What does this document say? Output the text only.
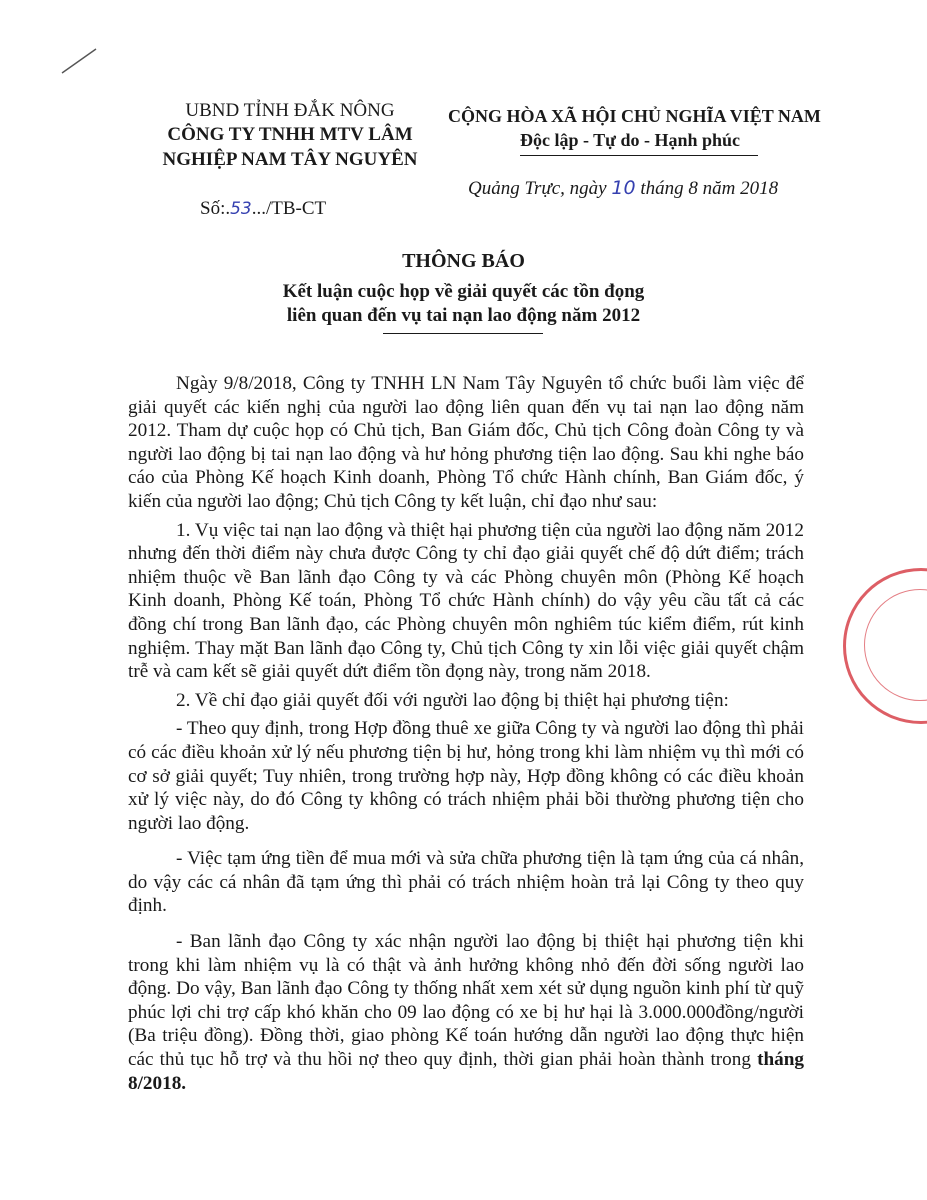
UBND TỈNH ĐẮK NÔNG
CÔNG TY TNHH MTV LÂM
NGHIỆP NAM TÂY NGUYÊN
Số:.53.../TB-CT
CỘNG HÒA XÃ HỘI CHỦ NGHĨA VIỆT NAM
Độc lập - Tự do - Hạnh phúc
Quảng Trực, ngày 10 tháng 8 năm 2018
THÔNG BÁO
Kết luận cuộc họp về giải quyết các tồn đọng
liên quan đến vụ tai nạn lao động năm 2012

Ngày 9/8/2018, Công ty TNHH LN Nam Tây Nguyên tổ chức buổi làm việc để giải quyết các kiến nghị của người lao động liên quan đến vụ tai nạn lao động năm 2012. Tham dự cuộc họp có Chủ tịch, Ban Giám đốc, Chủ tịch Công đoàn Công ty và người lao động bị tai nạn lao động và hư hỏng phương tiện lao động. Sau khi nghe báo cáo của Phòng Kế hoạch Kinh doanh, Phòng Tổ chức Hành chính, Ban Giám đốc, ý kiến của người lao động; Chủ tịch Công ty kết luận, chỉ đạo như sau:

1. Vụ việc tai nạn lao động và thiệt hại phương tiện của người lao động năm 2012 nhưng đến thời điểm này chưa được Công ty chỉ đạo giải quyết chế độ dứt điểm; trách nhiệm thuộc về Ban lãnh đạo Công ty và các Phòng chuyên môn (Phòng Kế hoạch Kinh doanh, Phòng Kế toán, Phòng Tổ chức Hành chính) do vậy yêu cầu tất cả các đồng chí trong Ban lãnh đạo, các Phòng chuyên môn nghiêm túc kiểm điểm, rút kinh nghiệm. Thay mặt Ban lãnh đạo Công ty, Chủ tịch Công ty xin lỗi việc giải quyết chậm trễ và cam kết sẽ giải quyết dứt điểm tồn đọng này, trong năm 2018.

2. Về chỉ đạo giải quyết đối với người lao động bị thiệt hại phương tiện:

- Theo quy định, trong Hợp đồng thuê xe giữa Công ty và người lao động thì phải có các điều khoản xử lý nếu phương tiện bị hư, hỏng trong khi làm nhiệm vụ thì mới có cơ sở giải quyết; Tuy nhiên, trong trường hợp này, Hợp đồng không có các điều khoản xử lý việc này, do đó Công ty không có trách nhiệm phải bồi thường phương tiện cho người lao động.

- Việc tạm ứng tiền để mua mới và sửa chữa phương tiện là tạm ứng của cá nhân, do vậy các cá nhân đã tạm ứng thì phải có trách nhiệm hoàn trả lại Công ty theo quy định.

- Ban lãnh đạo Công ty xác nhận người lao động bị thiệt hại phương tiện khi trong khi làm nhiệm vụ là có thật và ảnh hưởng không nhỏ đến đời sống người lao động. Do vậy, Ban lãnh đạo Công ty thống nhất xem xét sử dụng nguồn kinh phí từ quỹ phúc lợi chi trợ cấp khó khăn cho 09 lao động có xe bị hư hại là 3.000.000đồng/người (Ba triệu đồng). Đồng thời, giao phòng Kế toán hướng dẫn người lao động thực hiện các thủ tục hỗ trợ và thu hồi nợ theo quy định, thời gian phải hoàn thành trong tháng 8/2018.
